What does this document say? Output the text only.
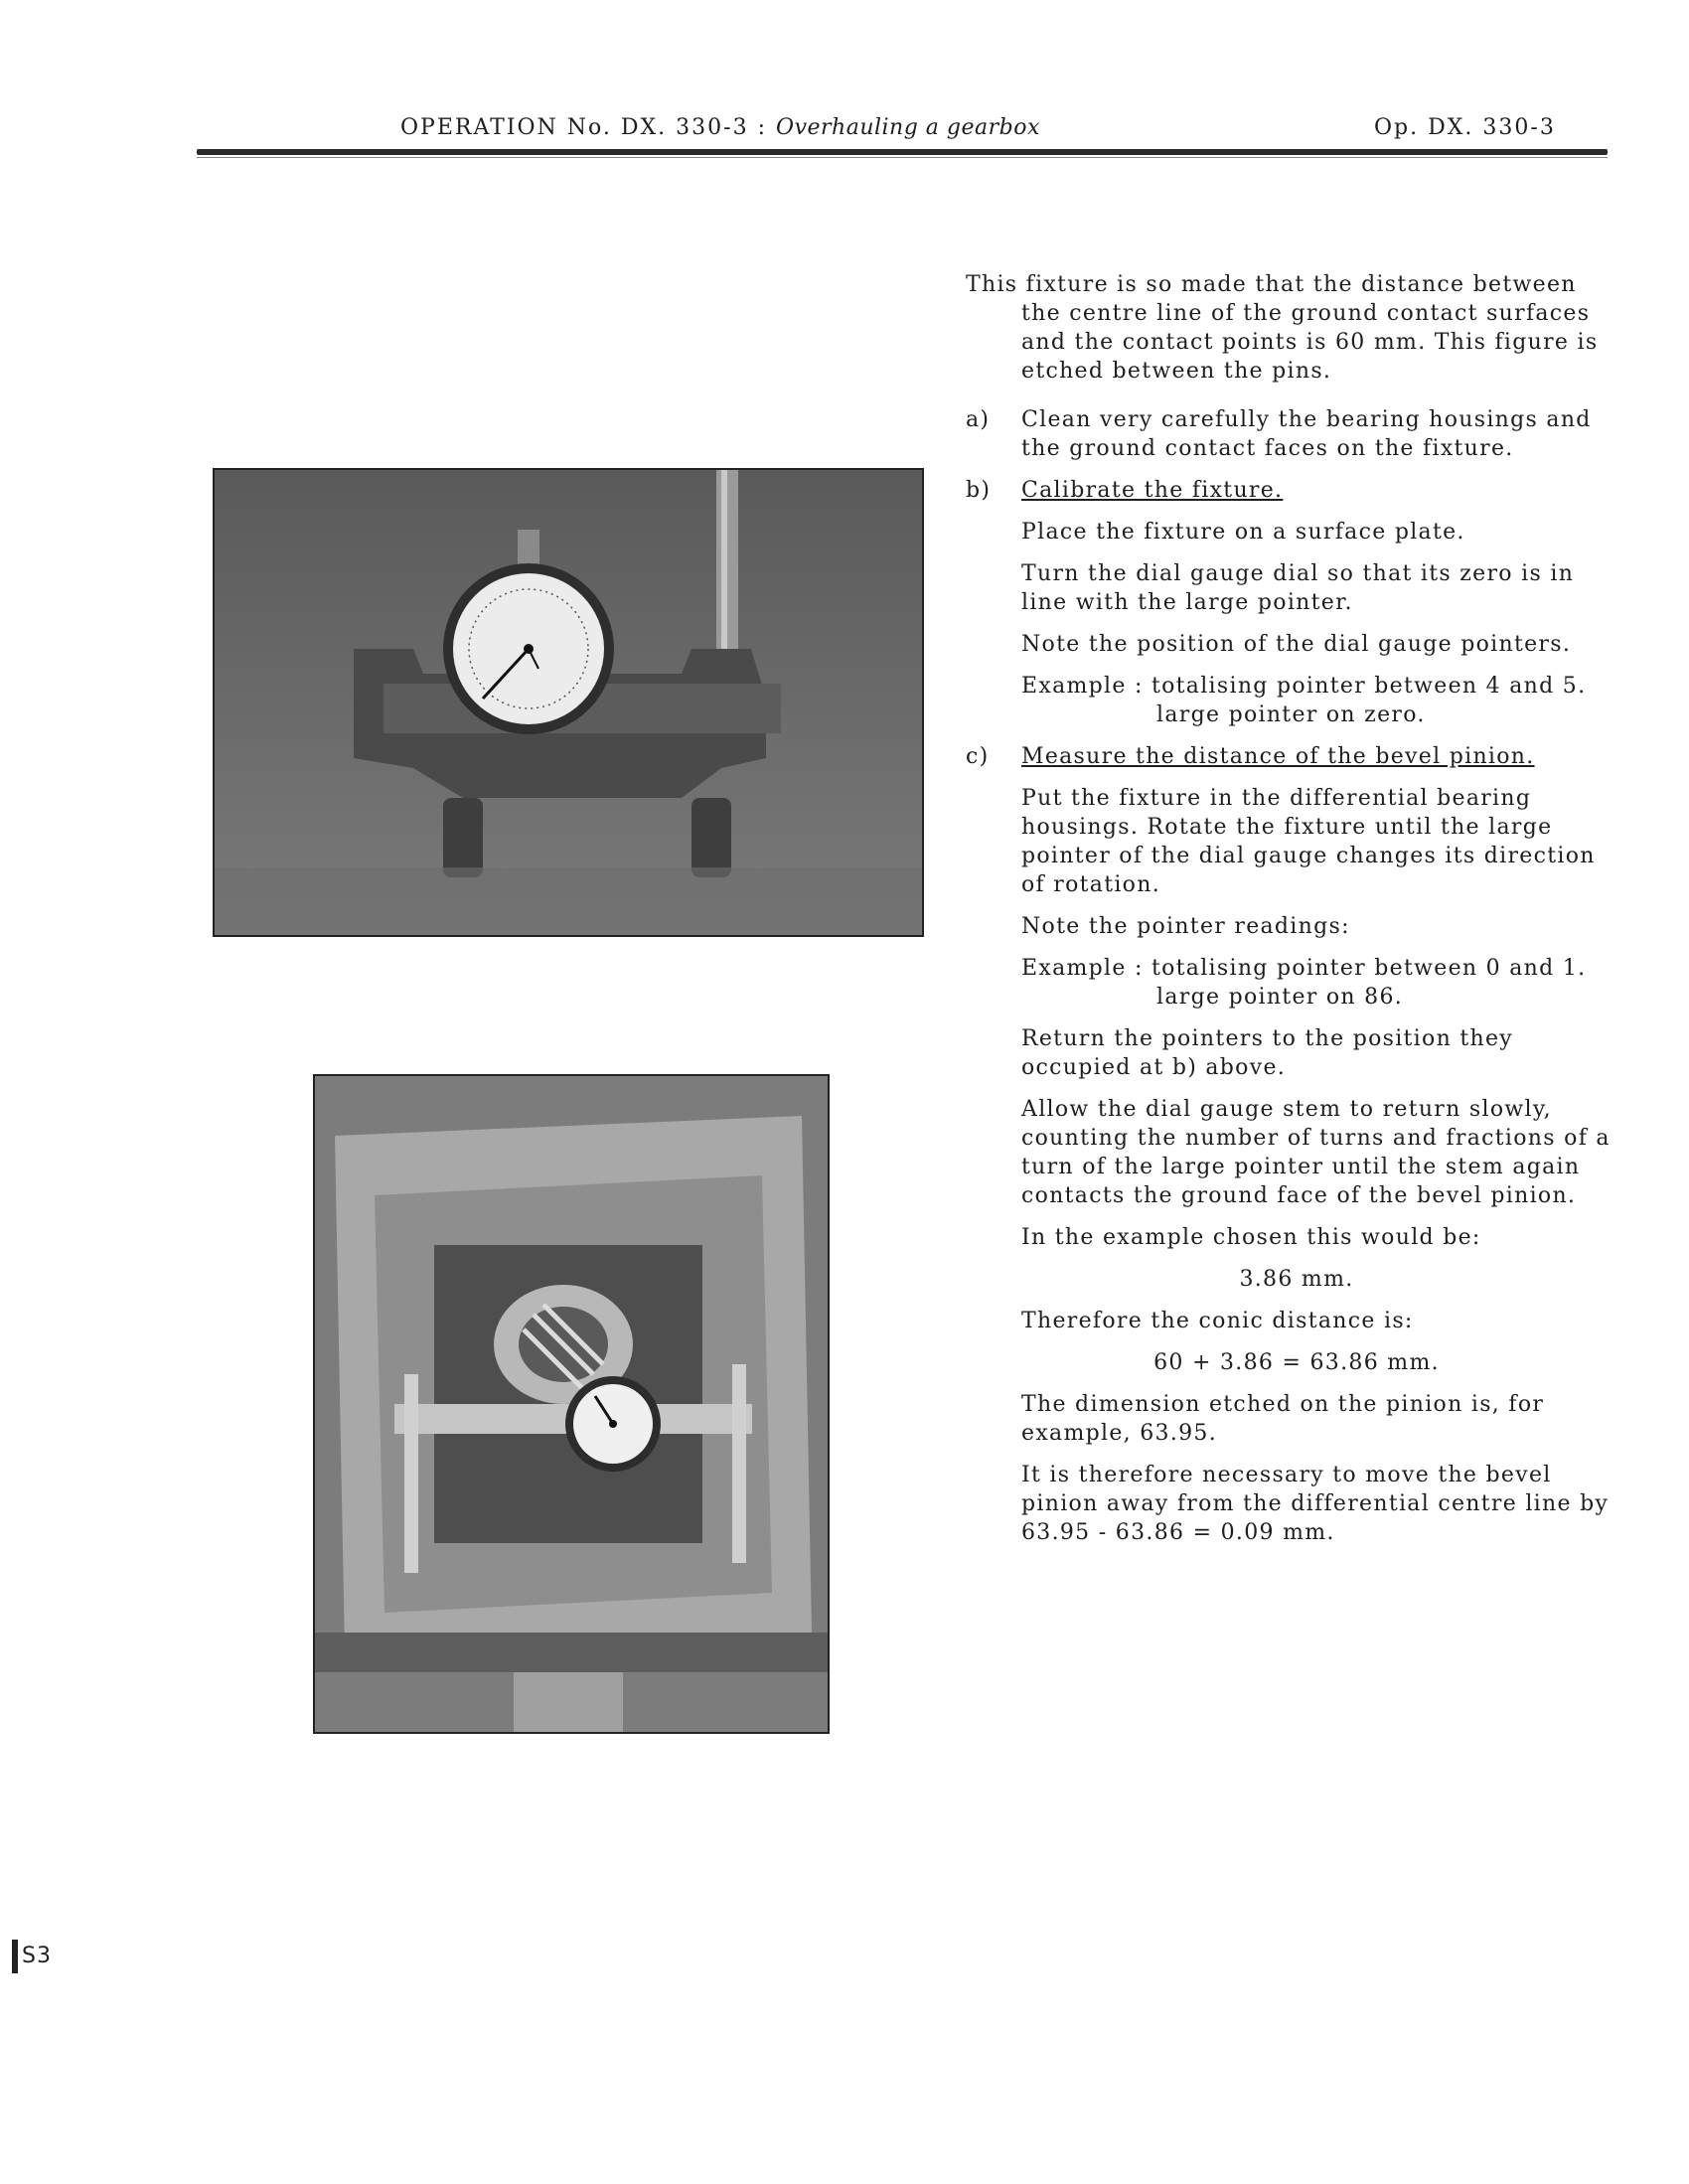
OPERATION No. DX. 330-3 : Overhauling a gearbox	Op. DX. 330-3

This fixture is so made that the distance between the centre line of the ground contact surfaces and the contact points is 60 mm. This figure is etched between the pins.

a) Clean very carefully the bearing housings and the ground contact faces on the fixture.

b) Calibrate the fixture.

Place the fixture on a surface plate.

Turn the dial gauge dial so that its zero is in line with the large pointer.

Note the position of the dial gauge pointers.

Example : totalising pointer between 4 and 5.
large pointer on zero.
c) Measure the distance of the bevel pinion.

Put the fixture in the differential bearing housings. Rotate the fixture until the large pointer of the dial gauge changes its direction of rotation.

Note the pointer readings:

Example : totalising pointer between 0 and 1.
large pointer on 86.

Return the pointers to the position they occupied at b) above.

Allow the dial gauge stem to return slowly, counting the number of turns and fractions of a turn of the large pointer until the stem again contacts the ground face of the bevel pinion.

In the example chosen this would be:

3.86 mm.

Therefore the conic distance is:

60 + 3.86 = 63.86 mm.

The dimension etched on the pinion is, for example, 63.95.

It is therefore necessary to move the bevel pinion away from the differential centre line by 63.95 - 63.86 = 0.09 mm.

S3
